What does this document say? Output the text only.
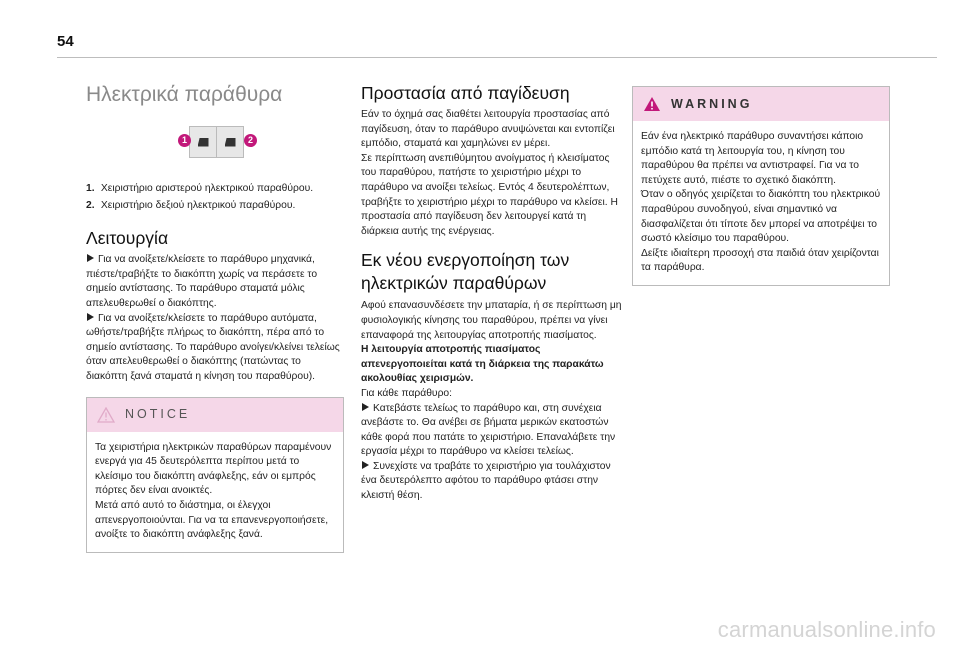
54
Ηλεκτρικά παράθυρα
1	2

1. Χειριστήριο αριστερού ηλεκτρικού παραθύρου.

2. Χειριστήριο δεξιού ηλεκτρικού παραθύρου.

Λειτουργία

Για να ανοίξετε/κλείσετε το παράθυρο μηχανικά, πιέστε/τραβήξτε το διακόπτη χωρίς να περάσετε το σημείο αντίστασης. Το παράθυρο σταματά μόλις απελευθερωθεί ο διακόπτης.

Για να ανοίξετε/κλείσετε το παράθυρο αυτόματα, ωθήστε/τραβήξτε πλήρως το διακόπτη, πέρα από το σημείο αντίστασης. Το παράθυρο ανοίγει/κλείνει τελείως όταν απελευθερωθεί ο διακόπτης (πατώντας το διακόπτη ξανά σταματά η κίνηση του παραθύρου).

NOTICE

Τα χειριστήρια ηλεκτρικών παραθύρων παραμένουν ενεργά για 45 δευτερόλεπτα περίπου μετά το κλείσιμο του διακόπτη ανάφλεξης, εάν οι εμπρός πόρτες δεν είναι ανοικτές.

Μετά από αυτό το διάστημα, οι έλεγχοι απενεργοποιούνται. Για να τα επανενεργοποιήσετε, ανοίξτε το διακόπτη ανάφλεξης ξανά.

Προστασία από παγίδευση

Εάν το όχημά σας διαθέτει λειτουργία προστασίας από παγίδευση, όταν το παράθυρο ανυψώνεται και εντοπίζει εμπόδιο, σταματά και χαμηλώνει εν μέρει.

Σε περίπτωση ανεπιθύμητου ανοίγματος ή κλεισίματος του παραθύρου, πατήστε το χειριστήριο μέχρι το παράθυρο να ανοίξει τελείως. Εντός 4 δευτερολέπτων, τραβήξτε το χειριστήριο μέχρι το παράθυρο να κλείσει. Η προστασία από παγίδευση δεν λειτουργεί κατά τη διάρκεια αυτής της ενέργειας.

Εκ νέου ενεργοποίηση των ηλεκτρικών παραθύρων

Αφού επανασυνδέσετε την μπαταρία, ή σε περίπτωση μη φυσιολογικής κίνησης του παραθύρου, πρέπει να γίνει επαναφορά της λειτουργίας αποτροπής πιασίματος.

Η λειτουργία αποτροπής πιασίματος απενεργοποιείται κατά τη διάρκεια της παρακάτω ακολουθίας χειρισμών.

Για κάθε παράθυρο:

Κατεβάστε τελείως το παράθυρο και, στη συνέχεια ανεβάστε το. Θα ανέβει σε βήματα μερικών εκατοστών κάθε φορά που πατάτε το χειριστήριο. Επαναλάβετε την εργασία μέχρι το παράθυρο να κλείσει τελείως.

Συνεχίστε να τραβάτε το χειριστήριο για τουλάχιστον ένα δευτερόλεπτο αφότου το παράθυρο φτάσει στην κλειστή θέση.

WARNING

Εάν ένα ηλεκτρικό παράθυρο συναντήσει κάποιο εμπόδιο κατά τη λειτουργία του, η κίνηση του παραθύρου θα πρέπει να αντιστραφεί. Για να το πετύχετε αυτό, πιέστε το σχετικό διακόπτη.

Όταν ο οδηγός χειρίζεται το διακόπτη του ηλεκτρικού παραθύρου συνοδηγού, είναι σημαντικό να διασφαλίζεται ότι τίποτε δεν μπορεί να αποτρέψει το σωστό κλείσιμο του παραθύρου.

Δείξτε ιδιαίτερη προσοχή στα παιδιά όταν χειρίζονται τα παράθυρα.

carmanualsonline.info
